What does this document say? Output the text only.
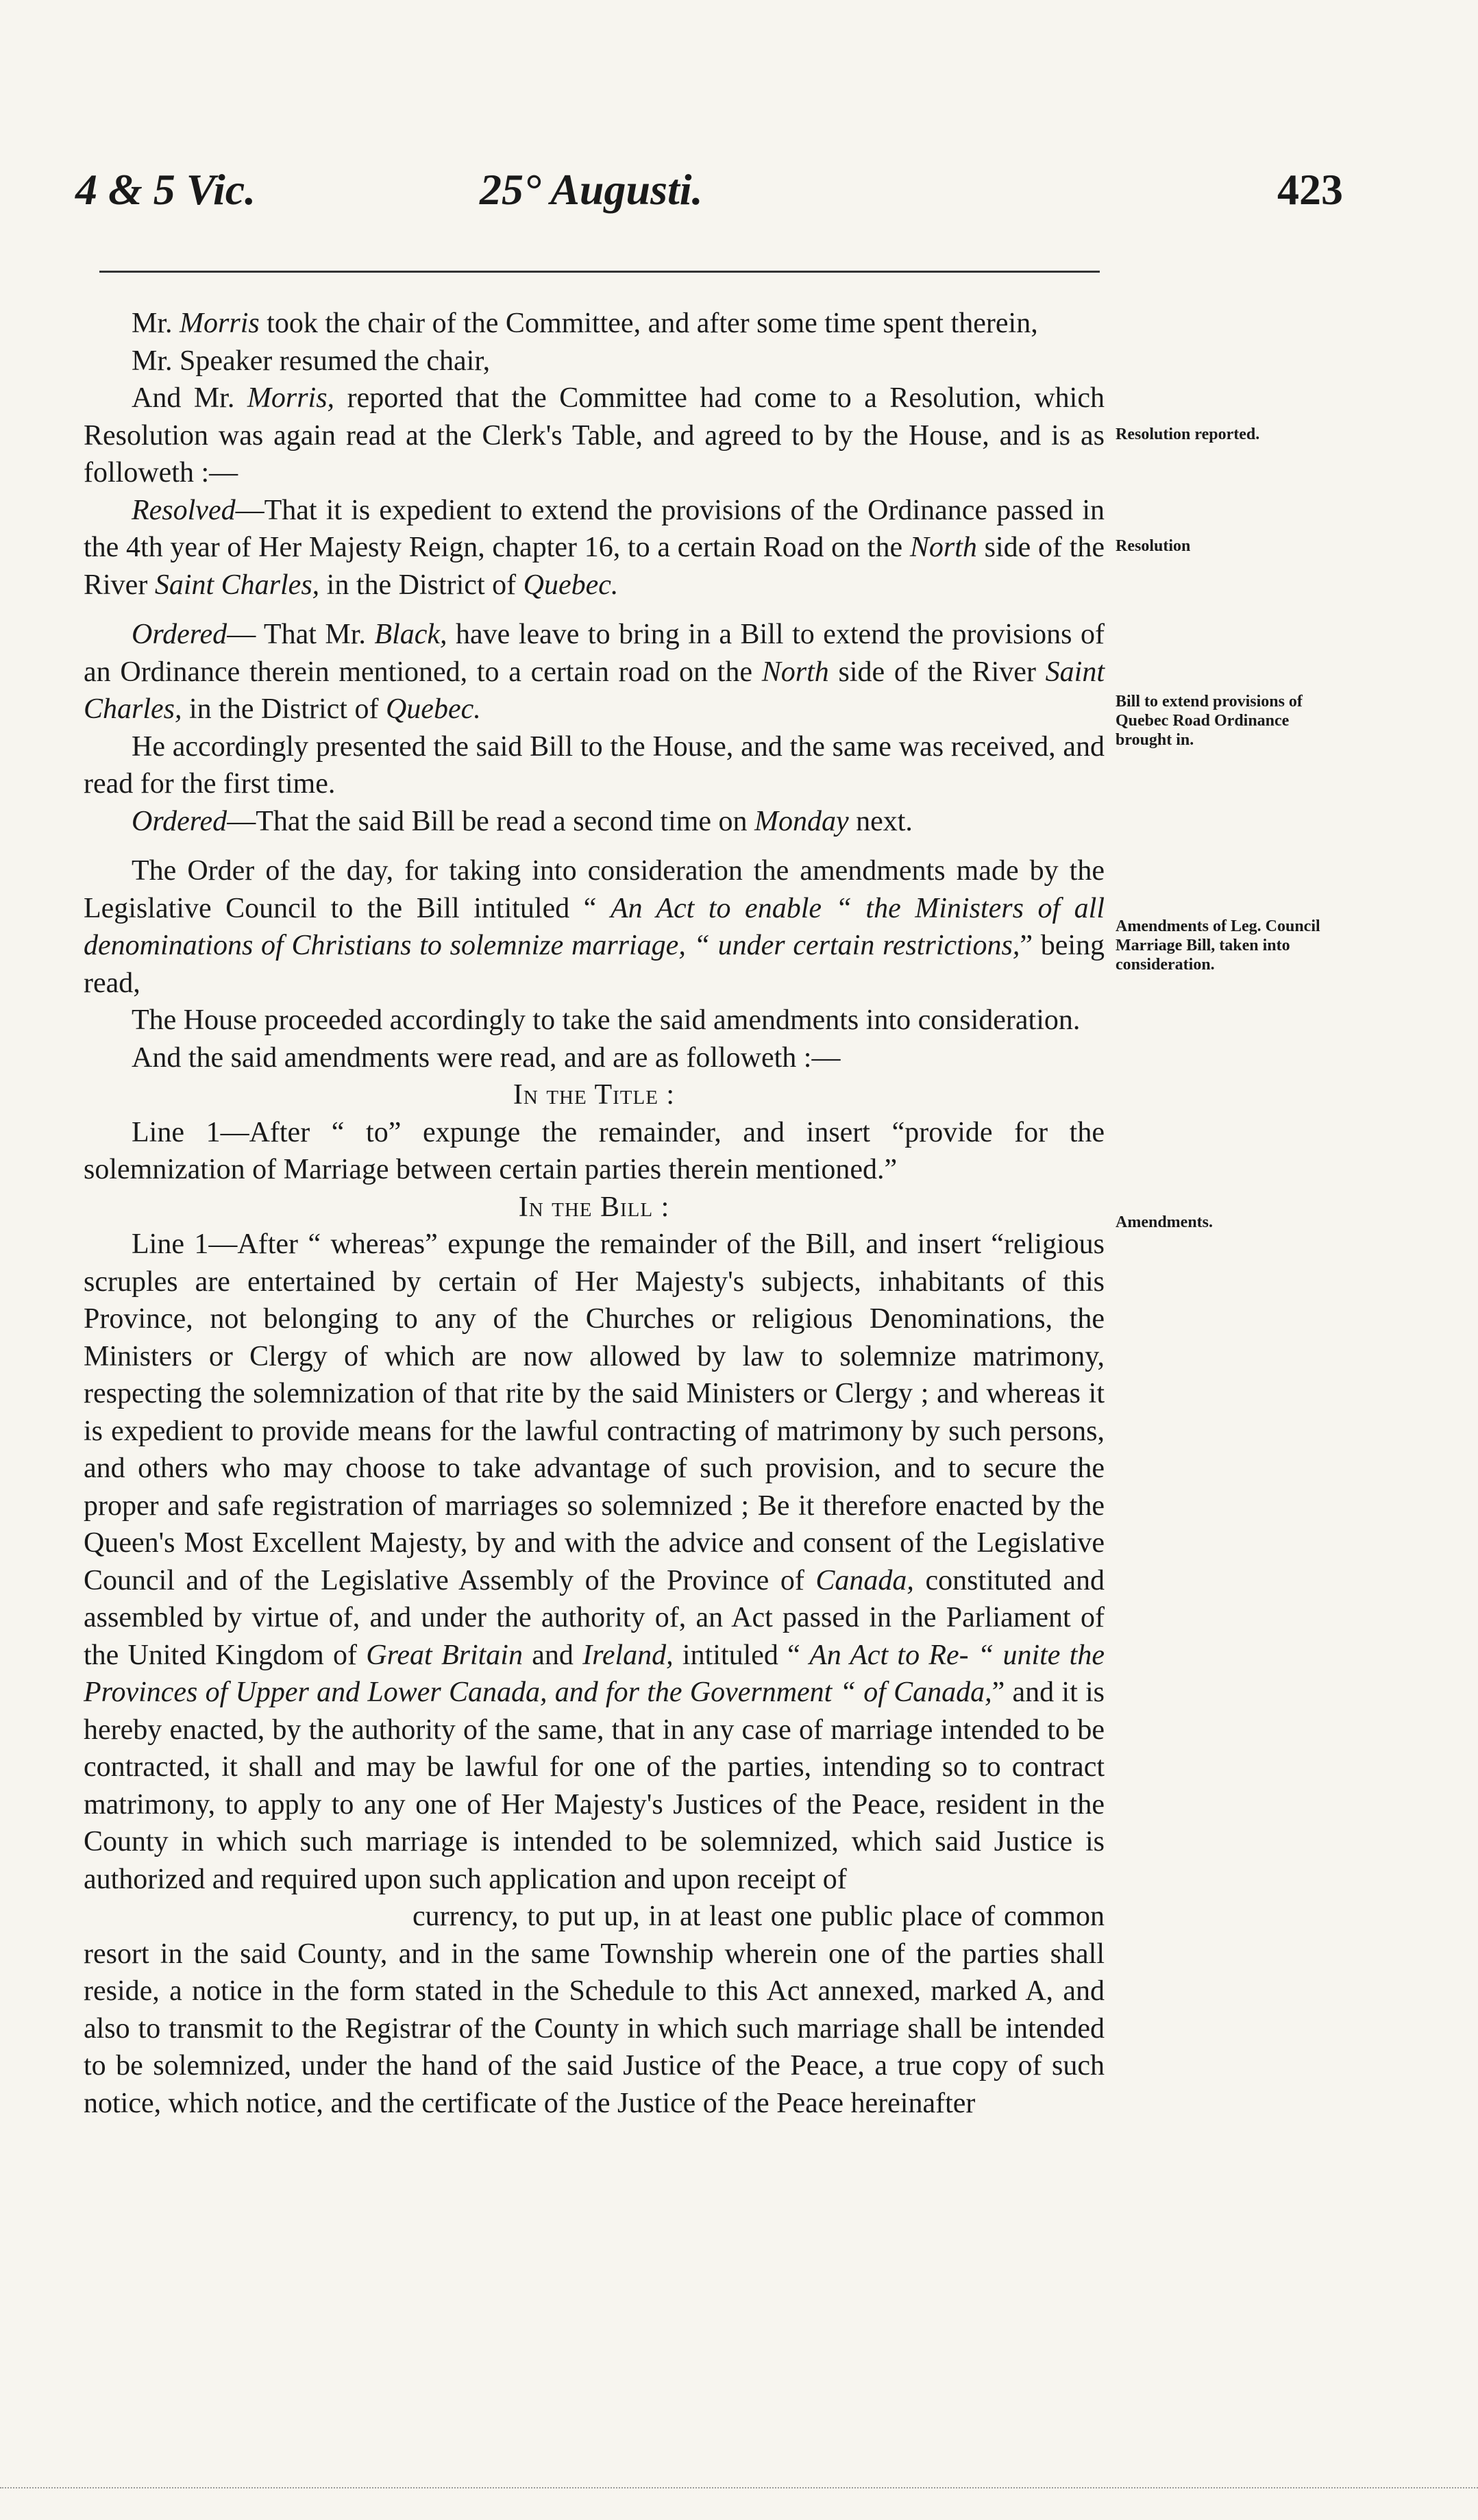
4 & 5 Vic.	25° Augusti.	423

Mr. Morris took the chair of the Committee, and after some time spent therein,

Mr. Speaker resumed the chair,

And Mr. Morris, reported that the Committee had come to a Resolution, which Resolution was again read at the Clerk's Table, and agreed to by the House, and is as followeth :—

Resolved—That it is expedient to extend the provisions of the Ordinance passed in the 4th year of Her Majesty Reign, chapter 16, to a certain Road on the North side of the River Saint Charles, in the District of Quebec.

Ordered— That Mr. Black, have leave to bring in a Bill to extend the provisions of an Ordinance therein mentioned, to a certain road on the North side of the River Saint Charles, in the District of Quebec.

He accordingly presented the said Bill to the House, and the same was received, and read for the first time.

Ordered—That the said Bill be read a second time on Monday next.

The Order of the day, for taking into consideration the amendments made by the Legislative Council to the Bill intituled “ An Act to enable “ the Ministers of all denominations of Christians to solemnize marriage, “ under certain restrictions,” being read,

The House proceeded accordingly to take the said amendments into consideration.

And the said amendments were read, and are as followeth :—

In the Title :

Line 1—After “ to” expunge the remainder, and insert “provide for the solemnization of Marriage between certain parties therein mentioned.”

In the Bill :

Line 1—After “ whereas” expunge the remainder of the Bill, and insert “religious scruples are entertained by certain of Her Majesty's subjects, inhabitants of this Province, not belonging to any of the Churches or religious Denominations, the Ministers or Clergy of which are now allowed by law to solemnize matrimony, respecting the solemnization of that rite by the said Ministers or Clergy ; and whereas it is expedient to provide means for the lawful contracting of matrimony by such persons, and others who may choose to take advantage of such provision, and to secure the proper and safe registration of marriages so solemnized ; Be it therefore enacted by the Queen's Most Excellent Majesty, by and with the advice and consent of the Legislative Council and of the Legislative Assembly of the Province of Canada, constituted and assembled by virtue of, and under the authority of, an Act passed in the Parliament of the United Kingdom of Great Britain and Ireland, intituled “ An Act to Re- “ unite the Provinces of Upper and Lower Canada, and for the Government “ of Canada,” and it is hereby enacted, by the authority of the same, that in any case of marriage intended to be contracted, it shall and may be lawful for one of the parties, intending so to contract matrimony, to apply to any one of Her Majesty's Justices of the Peace, resident in the County in which such marriage is intended to be solemnized, which said Justice is authorized and required upon such application and upon receipt of

currency, to put up, in at least one public place of common resort in the said County, and in the same Township wherein one of the parties shall reside, a notice in the form stated in the Schedule to this Act annexed, marked A, and also to transmit to the Registrar of the County in which such marriage shall be intended to be solemnized, under the hand of the said Justice of the Peace, a true copy of such notice, which notice, and the certificate of the Justice of the Peace hereinafter

Resolution reported.
Resolution
Bill to extend provisions of Quebec Road Ordinance brought in.
Amendments of Leg. Council Marriage Bill, taken into consideration.
Amendments.
